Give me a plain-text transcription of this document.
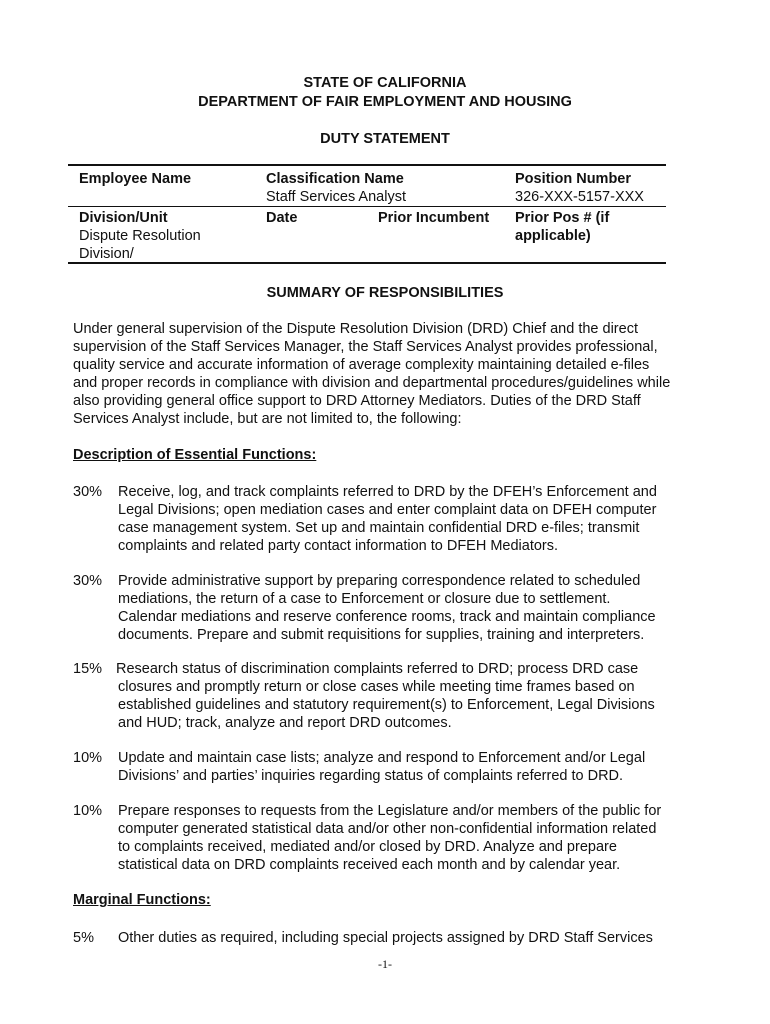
STATE OF CALIFORNIA
DEPARTMENT OF FAIR EMPLOYMENT AND HOUSING
DUTY STATEMENT
Employee Name	Classification Name
Staff Services Analyst
Position Number
326-XXX-5157-XXX
Division/Unit
Dispute Resolution
Division/
Date	Prior Incumbent Prior Pos # (if
applicable)
SUMMARY OF RESPONSIBILITIES
Under general supervision of the Dispute Resolution Division (DRD) Chief and the direct
supervision of the Staff Services Manager, the Staff Services Analyst provides professional,
quality service and accurate information of average complexity maintaining detailed e-files
and proper records in compliance with division and departmental procedures/guidelines while
also providing general office support to DRD Attorney Mediators. Duties of the DRD Staff
Services Analyst include, but are not limited to, the following:
Description of Essential Functions:
30% Receive, log, and track complaints referred to DRD by the DFEH’s Enforcement and
Legal Divisions; open mediation cases and enter complaint data on DFEH computer
case management system. Set up and maintain confidential DRD e-files; transmit
complaints and related party contact information to DFEH Mediators.
30% Provide administrative support by preparing correspondence related to scheduled
mediations, the return of a case to Enforcement or closure due to settlement.
Calendar mediations and reserve conference rooms, track and maintain compliance
documents. Prepare and submit requisitions for supplies, training and interpreters.
15% Research status of discrimination complaints referred to DRD; process DRD case
closures and promptly return or close cases while meeting time frames based on
established guidelines and statutory requirement(s) to Enforcement, Legal Divisions
and HUD; track, analyze and report DRD outcomes.
10% Update and maintain case lists; analyze and respond to Enforcement and/or Legal
Divisions’ and parties’ inquiries regarding status of complaints referred to DRD.
10% Prepare responses to requests from the Legislature and/or members of the public for
computer generated statistical data and/or other non-confidential information related
to complaints received, mediated and/or closed by DRD. Analyze and prepare
statistical data on DRD complaints received each month and by calendar year.
Marginal Functions:
5% Other duties as required, including special projects assigned by DRD Staff Services
-1-
